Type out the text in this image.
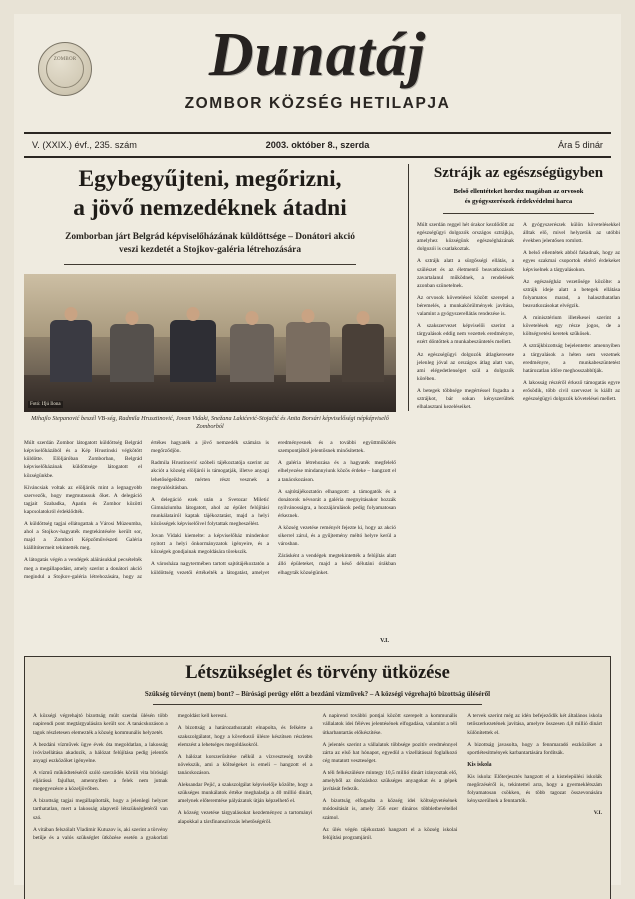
ZOMBOR	Dunatáj
ZOMBOR KÖZSÉG HETILAPJA
V. (XXIX.) évf., 235. szám	2003. október 8., szerda	Ára 5 dinár
Egybegyűjteni, megőrizni,
a jövő nemzedéknek átadni
Zomborban járt Belgrád képviselőházának küldöttsége – Donátori akció
veszi kezdetét a Stojkov-galéria létrehozására
Fotó: Ifjú Ilona
Mihajlo Stepanović beszél VB-ség, Radmila Hrusztinović, Jovan Vidaki, Snežana Lakićević-Stojačić és Anita Borsári képviselőségi népképviselő Zomborból

Múlt szerdán Zombor látogatott küldöttség Belgrád képviselőházából és a Kép Hrustinski végkötött küldötte. Elöljáróban Zomborban, Belgrád képviselőházának küldöttsége látogatott el községünkbe.

Kíváncsiak voltak az elöljárók mint a legnagyobb szervezők, hogy megmutassuk őket. A delegáció tagjait Szabadka, Apatin és Zombor közötti kapcsolatokról érdeklődték.

A küldöttség tagjai ellátogattak a Városi Múzeumba, ahol a Stojkov-hagyaték megtekintésére került sor, majd a Zombori Képzőművészeti Galéria kiállítótermeit tekintették meg.

A látogatás végén a vendégek aláírásukkal pecsételték meg a megállapodást, amely szerint a donátori akció megindul a Stojkov-galéria létrehozására, hogy az értékes hagyaték a jövő nemzedék számára is megőrződjön.

Radmila Hrustinović szóbeli tájékoztatója szerint az akciót a község elöljárói is támogatják, illetve anyagi lehetőségeikhez mérten részt vesznek a megvalósításban.

A delegáció ezek után a Svetozar Miletić Gimnáziumba látogatott, ahol az épület felújítási munkálatairól kaptak tájékoztatást, majd a helyi közösségek képviselőivel folytattak megbeszélést.

Jovan Vidaki kiemelte: a képviselőház mindenkor nyitott a helyi önkormányzatok igényeire, és a községek gondjainak megoldására törekszik.

A városháza nagytermében tartott sajtótájékoztatón a küldöttség vezetői értékelték a látogatást, amelyet eredményesnek és a további együttműködés szempontjából jelentősnek minősítettek.

A galéria létrehozása és a hagyaték megfelelő elhelyezése mindannyiunk közös érdeke – hangzott el a tanácskozáson.

A sajtótájékoztatón elhangzott: a támogatók és a donátorok névsorát a galéria megnyitásakor hozzák nyilvánosságra, a hozzájárulások pedig folyamatosan érkeznek.

A község vezetése reményét fejezte ki, hogy az akció sikerrel zárul, és a gyűjtemény méltó helyre kerül a városban.

Zárásként a vendégek megtekintették a felújítás alatt álló épületeket, majd a késő délutáni órákban elhagyták községünket.

Sztrájk az egészségügyben
Belső ellentéteket hordoz magában az orvosok
és gyógyszerészek érdekvédelmi harca

Múlt szerdán reggel hét órakor kezdődött az egészségügyi dolgozók országos sztrájkja, amelyhez községünk egészségházának dolgozói is csatlakoztak.

A sztrájk alatt a sürgősségi ellátás, a szülészet és az életmentő beavatkozások zavartalanul működnek, a rendelések azonban szünetelnek.

Az orvosok követelései között szerepel a béremelés, a munkakörülmények javítása, valamint a gyógyszerellátás rendezése is.

A szakszervezet képviselői szerint a tárgyalások eddig nem vezettek eredményre, ezért döntöttek a munkabeszüntetés mellett.

Az egészségügyi dolgozók átlagkeresete jelenleg jóval az országos átlag alatt van, ami elégedetlenséget szül a dolgozók körében.

A betegek többsége megértéssel fogadta a sztrájkot, bár sokan kényszerültek elhalasztani kezeléseiket.

A gyógyszerészek külön követelésekkel álltak elő, mivel helyzetük az utóbbi években jelentősen romlott.

A belső ellentétek abból fakadnak, hogy az egyes szakmai csoportok eltérő érdekeket képviselnek a tárgyalásokon.

Az egészségház vezetősége közölte: a sztrájk ideje alatt a betegek ellátása folyamatos marad, a halaszthatatlan beavatkozásokat elvégzik.

A minisztérium illetékesei szerint a követelések egy része jogos, de a költségvetési keretek szűkösek.

A sztrájkbizottság bejelentette: amennyiben a tárgyalások a héten sem vezetnek eredményre, a munkabeszüntetést határozatlan időre meghosszabbítják.

A lakosság részéről érkező támogatás egyre erősödik, több civil szervezet is kiállt az egészségügyi dolgozók követelései mellett.

V.I.
Létszükséglet és törvény ütközése
Szükség törvényt (nem) bont? – Bírósági perügy előtt a bezdáni vízművek? – A községi végrehajtó bizottság üléséről

A községi végrehajtó bizottság múlt szerdai ülésén több napirendi pont megtárgyalására került sor. A tanácskozáson a tagok részletesen elemezték a község kommunális helyzetét.

A bezdáni vízművek ügye évek óta megoldatlan, a lakosság ivóvízellátása akadozik, a hálózat felújítása pedig jelentős anyagi eszközöket igényelne.

A vízmű működtetéséről szóló szerződés körüli vita bírósági eljárássá fajulhat, amennyiben a felek nem jutnak megegyezésre a közeljövőben.

A bizottság tagjai megállapították, hogy a jelenlegi helyzet tarthatatlan, mert a lakosság alapvető létszükségletéről van szó.

A vitában felszólalt Vladimir Kutuzov is, aki szerint a törvény betűje és a valós szükséglet ütközése esetén a gyakorlati megoldást kell keresni.

A bizottság a határozathozatalt elnapolta, és felkérte a szakszolgálatot, hogy a következő ülésre készítsen részletes elemzést a lehetséges megoldásokról.

A hálózat korszerűsítése nélkül a vízveszteség tovább növekszik, ami a költségeket is emeli – hangzott el a tanácskozáson.

Aleksandar Pejić, a szakszolgálat képviselője közölte, hogy a szükséges munkálatok értéke meghaladja a 40 millió dinárt, amelynek előteremtése pályázatok útján képzelhető el.

A község vezetése tárgyalásokat kezdeményez a tartományi alapokkal a társfinanszírozás lehetőségéről.

A napirend további pontjai között szerepelt a kommunális vállalatok idei féléves jelentésének elfogadása, valamint a téli útkarbantartás előkészítése.

A jelentés szerint a vállalatok többsége pozitív eredménnyel zárta az első hat hónapot, egyedül a vízellátással foglalkozó cég mutatott veszteséget.

A téli felkészülésre mintegy 10,5 millió dinárt irányoztak elő, amelyből az útsózáshoz szükséges anyagokat és a gépek javítását fedezik.

A bizottság elfogadta a község idei költségvetésének módosítását is, amely 356 ezer dináros többletbevétellel számol.

Az ülés végén tájékoztató hangzott el a község iskolai felújítási programjáról.

A tervek szerint még az idén befejeződik két általános iskola tetőszerkezetének javítása, amelyre összesen 4,8 millió dinárt különítettek el.

A bizottság javasolta, hogy a fennmaradó eszközöket a sportlétesítmények karbantartására fordítsák.

Kis iskola

Kis iskola: Előterjesztés hangzott el a kistelepülési iskolák megőrzéséről is, tekintettel arra, hogy a gyermeklétszám folyamatosan csökken, és több tagozat összevonására kényszerülnek a fenntartók.

V.I.
